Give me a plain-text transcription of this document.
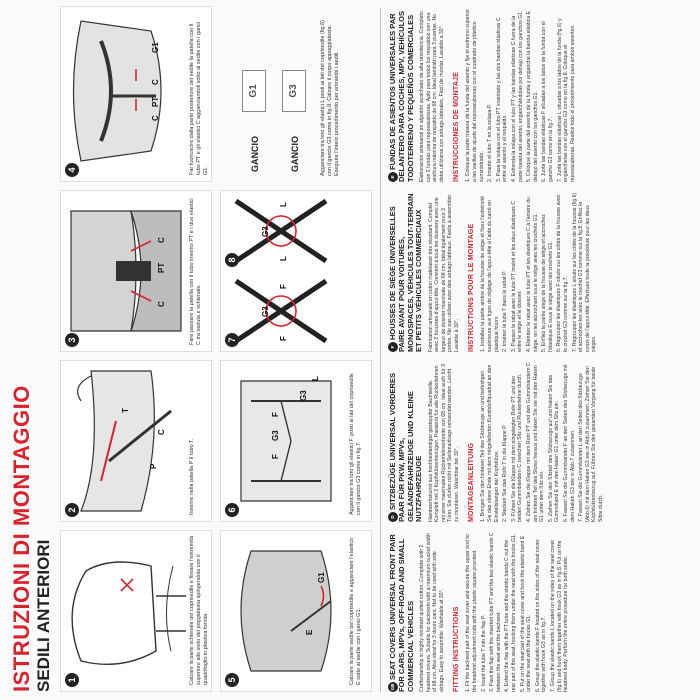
ISTRUZIONI DI MONTAGGIO SEDILI ANTERIORI 1	Calzare la parte schienale del coprisedile e fissare l'estremità superiore allo stelo del poggiatesta spingendola con il quadrifoglio in plastica fornita.
2
P
T
C
Inserire nella patella P il tubo T.
3
C
PT
C	Fare passare la patella con il tubo inserito PT e i due elastici C tra seduta e schienale.
4
C
PT
C
G1	Far fuoriuscire dalla parte posteriore del sedile la patella con il tubo PT e gli elastici C agganciandoli sotto al sedile con i ganci G1.
5
E
G1	Calzare la parte sedile del coprisedile e agganciare l'elastico E sotto al sedile con i ganci G1.
6
F
G3
F
G3
L	Agganciare tra loro gli elastici F. posti ai lati del coprisedile con il gancio G3 come in fig.7.
7
8
F
G3
F
L
G3
L
GANCIO
G1
GANCIO
G3	Agganciare tra loro gli elastici L posti ai lati del coprisedile (fig.6) con il gancio G3 come in fig.8. Calzare il corpo appoggiatesta. Eseguire l'intero procedimento per entrambi i sedili.
GBSEAT COVERS UNIVERSAL FRONT PAIR FOR CARS, MPVs, OFF-ROAD AND SMALL COMMERCIAL VEHICLES Craftsmanship in highly resistant quilted cotton. Complete with 2 headrest covers. Suitable for backrests with a maximum bucket width of 68 cm. Also ideal for 3 doors cars. Not to be used with side airbags. Easy to assemble. Washable at 30°. FITTING INSTRUCTIONS 1. Fit the backrest part of the seat cover and secure the upper end to the headrest adjustment rods with the plastic square provided. 2. Insert the tube T into the flap P. 3. Pass the flap with the inserted tube PT and the two elastic bands C between the seat and the backrest. 4. Extend the flap with the PT tube and the elastic bands C out the rear part of the seat, hooking them under the seat with the hooks G1. 5. Put on the seat part of the seat cover and hook the elastic band E under the seat with the hooks G1. 6. Group the elastic bands F located on the sides of the seat cover together with hook G3 as in fig.7. 7. Group the elastic bands L located on the sides of the seat cover (fig.6) and hook them together with hook G3 as in fig.8. Put on the headrest body. Perform the entire procedure for both seats.
DSITZBEZÜGE UNIVERSAL VORDERES PAAR FÜR PKW, MPVs, GELÄNDEFAHRZEUGE UND KLEINE NUTZFAHRZEUGE Handwerkskunst aus hochbeständiger gesteppter Baumwolle. Komplett mit 2 Kopfstützenbezügen. Passend für alle Rückenlehnen mit einer maximalen Rückenlehnenbreite von 68 cm. Ideal auch für 3 Türer. Sie dürfen nicht mit Seitenairbags verwendet werden. Leicht zu montieren. Waschbar bei 30°. MONTAGEANLEITUNG 1. Bringen Sie den hinteren Teil des Sitzbezugs an und befestigen Sie das obere Ende mit dem mitgelieferten Kunststoffquadrat an den Einstellstangen der Kopfstütze. 2. Stecken Sie das Rohr T in die Klappe P. 3. Führen Sie die Klappe mit dem eingelegten Rohr PT und den beiden Gummibändern C zwischen Sitz und Rückenlehne durch. 4. Ziehen Sie die Klappe mit dem Rohr PT und den Gummibändern C am hinteren Teil des Sitzes heraus und haken Sie sie mit den Haken G1 unter dem Sitz ein. 5. Ziehen Sie den Sitzteil des Sitzbezugs auf und haken Sie das Gummiband E mit den Haken G1 unter dem Sitz ein. 6. Fassen Sie die Gummibänder F an den Seiten des Sitzbezugs mit dem Haken G3 wie in Abb.7 zusammen. 7. Fassen Sie die Gummibänder L an den Seiten des Sitzbezugs (Abb.6) mit dem Haken G3 wie in Abb.8 zusammen. Ziehen Sie den Kopfstützenbezug auf. Führen Sie den gesamten Vorgang für beide Sitze durch.
FHOUSSES DE SIÈGE UNIVERSELLES PAIRE AVANT POUR VOITURES, MONOSPACES, VÉHICULES TOUT-TERRAIN ET PETITS VÉHICULES COMMERCIAUX Fabrication artisanale en coton matelassé très résistant. Complet avec 2 housses d'appui-tête. Convient à tous les dossiers avec une largeur de dossier maximale de 68 cm. Idéal également pour 3 portes. Ne pas utiliser avec des airbags latéraux. Facile à assembler. Lavable à 30°. INSTRUCTIONS POUR LE MONTAGE 1. Installez la partie arrière de la housse de siège et fixez l'extrémité supérieure aux tiges de réglage de l'appui-tête à l'aide du carré en plastique fourni. 2. Insérez le tube T dans le rabat P. 3. Passez le rabat avec le tube PT inséré et les deux élastiques C entre le siège et le dossier. 4. Étendez le rabat avec le tube PT et les élastiques C à l'arrière du siège, en les accrochant sous le siège avec les crochets G1. 5. Enfilez la partie siège de la housse de siège et accrochez l'élastique E sous le siège avec les crochets G1. 6. Regroupez les élastiques F situés sur les côtés de la housse avec le crochet G3 comme sur la fig.7. 7. Regroupez les élastiques L situés sur les côtés de la housse (fig.6) et accrochez-les avec le crochet G3 comme sur la fig.8. Enfilez le corps de l'appui-tête. Effectuez toute la procédure pour les deux sièges.
EFUNDAS DE ASIENTOS UNIVERSALES PAR DELANTERO PARA COCHES, MPV, VEHÍCULOS TODOTERRENO Y PEQUEÑOS COMERCIALES Elaboración artesanal en algodón acolchado de alta resistencia. Completo con 2 fundas para reposacabezas. Apto para todos los respaldos con una anchura máxima de respaldo de 68 cm. Ideal también para 3 puertas. No debe utilizarse con airbags laterales. Fácil de montar. Lavable a 30°. INSTRUCCIONES DE MONTAJE 1. Coloque la parte trasera de la funda del asiento y fije el extremo superior a las varillas de ajuste del reposacabezas con el cuadrado de plástico suministrado. 2. Inserte el tubo T en la solapa P. 3. Pase la solapa con el tubo PT insertado y las dos bandas elásticas C entre el asiento y el respaldo. 4. Extienda la solapa con el tubo PT y las bandas elásticas C fuera de la parte trasera del asiento, enganchándolas por debajo con los ganchos G1. 5. Coloque la parte del asiento de la funda y enganche la banda elástica E debajo del asiento con los ganchos G1. 6. Junte las bandas elásticas F situadas a los lados de la funda con el gancho G3 como en la fig.7. 7. Junte las bandas elásticas L situadas a los lados de la funda (fig.6) y engánchelas con el gancho G3 como en la fig.8. Coloque el reposacabezas. Realice todo el procedimiento para ambos asientos.
